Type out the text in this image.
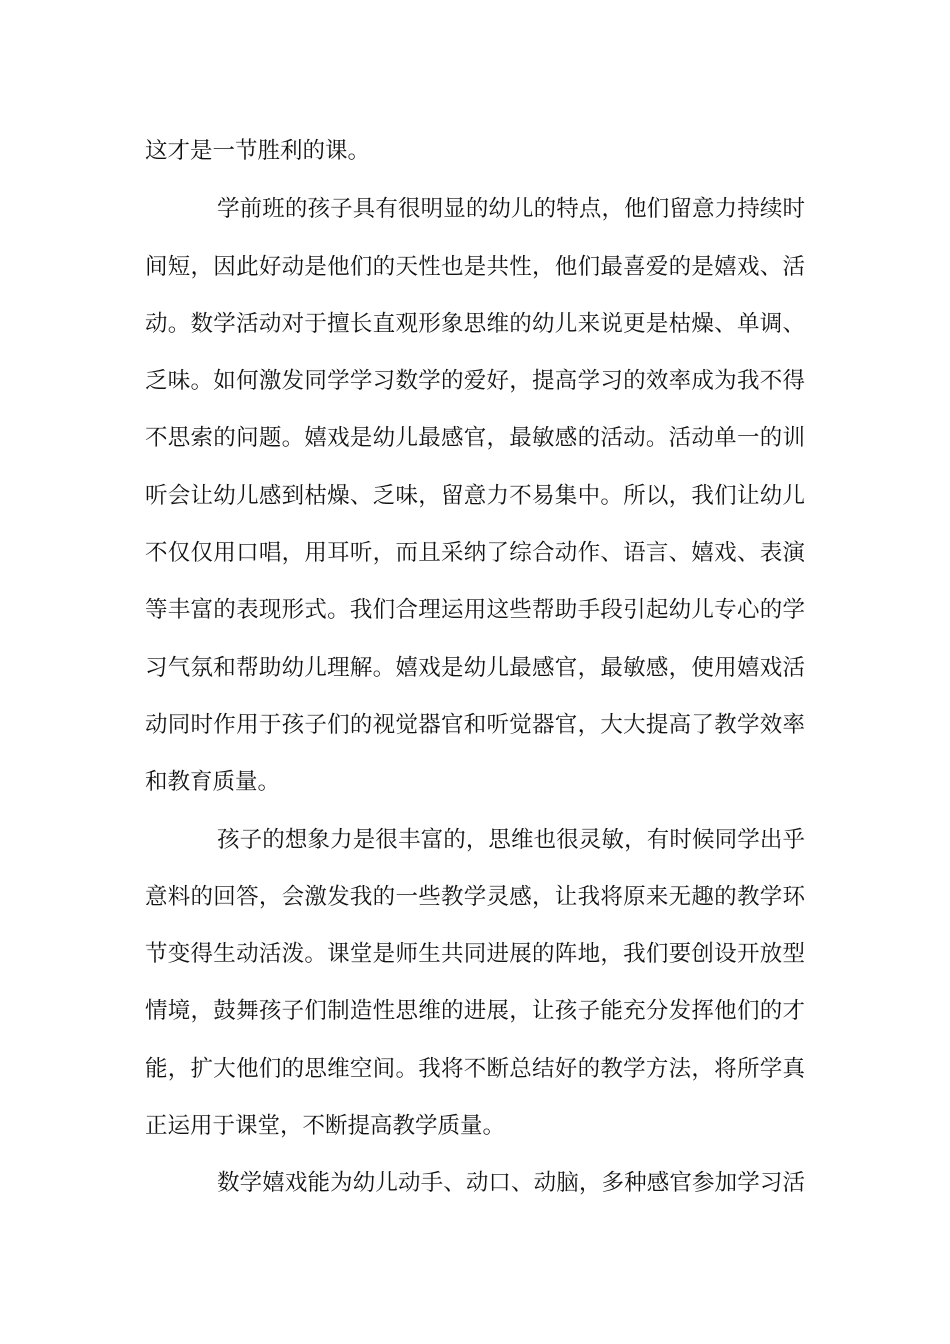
这才是一节胜利的课。
学前班的孩子具有很明显的幼儿的特点，他们留意力持续时
间短，因此好动是他们的天性也是共性，他们最喜爱的是嬉戏、活
动。数学活动对于擅长直观形象思维的幼儿来说更是枯燥、单调、
乏味。如何激发同学学习数学的爱好，提高学习的效率成为我不得
不思索的问题。嬉戏是幼儿最感官，最敏感的活动。活动单一的训
听会让幼儿感到枯燥、乏味，留意力不易集中。所以，我们让幼儿
不仅仅用口唱，用耳听，而且采纳了综合动作、语言、嬉戏、表演
等丰富的表现形式。我们合理运用这些帮助手段引起幼儿专心的学
习气氛和帮助幼儿理解。嬉戏是幼儿最感官，最敏感，使用嬉戏活
动同时作用于孩子们的视觉器官和听觉器官，大大提高了教学效率
和教育质量。
孩子的想象力是很丰富的，思维也很灵敏，有时候同学出乎
意料的回答，会激发我的一些教学灵感，让我将原来无趣的教学环
节变得生动活泼。课堂是师生共同进展的阵地，我们要创设开放型
情境，鼓舞孩子们制造性思维的进展，让孩子能充分发挥他们的才
能，扩大他们的思维空间。我将不断总结好的教学方法，将所学真
正运用于课堂，不断提高教学质量。
数学嬉戏能为幼儿动手、动口、动脑，多种感官参加学习活
